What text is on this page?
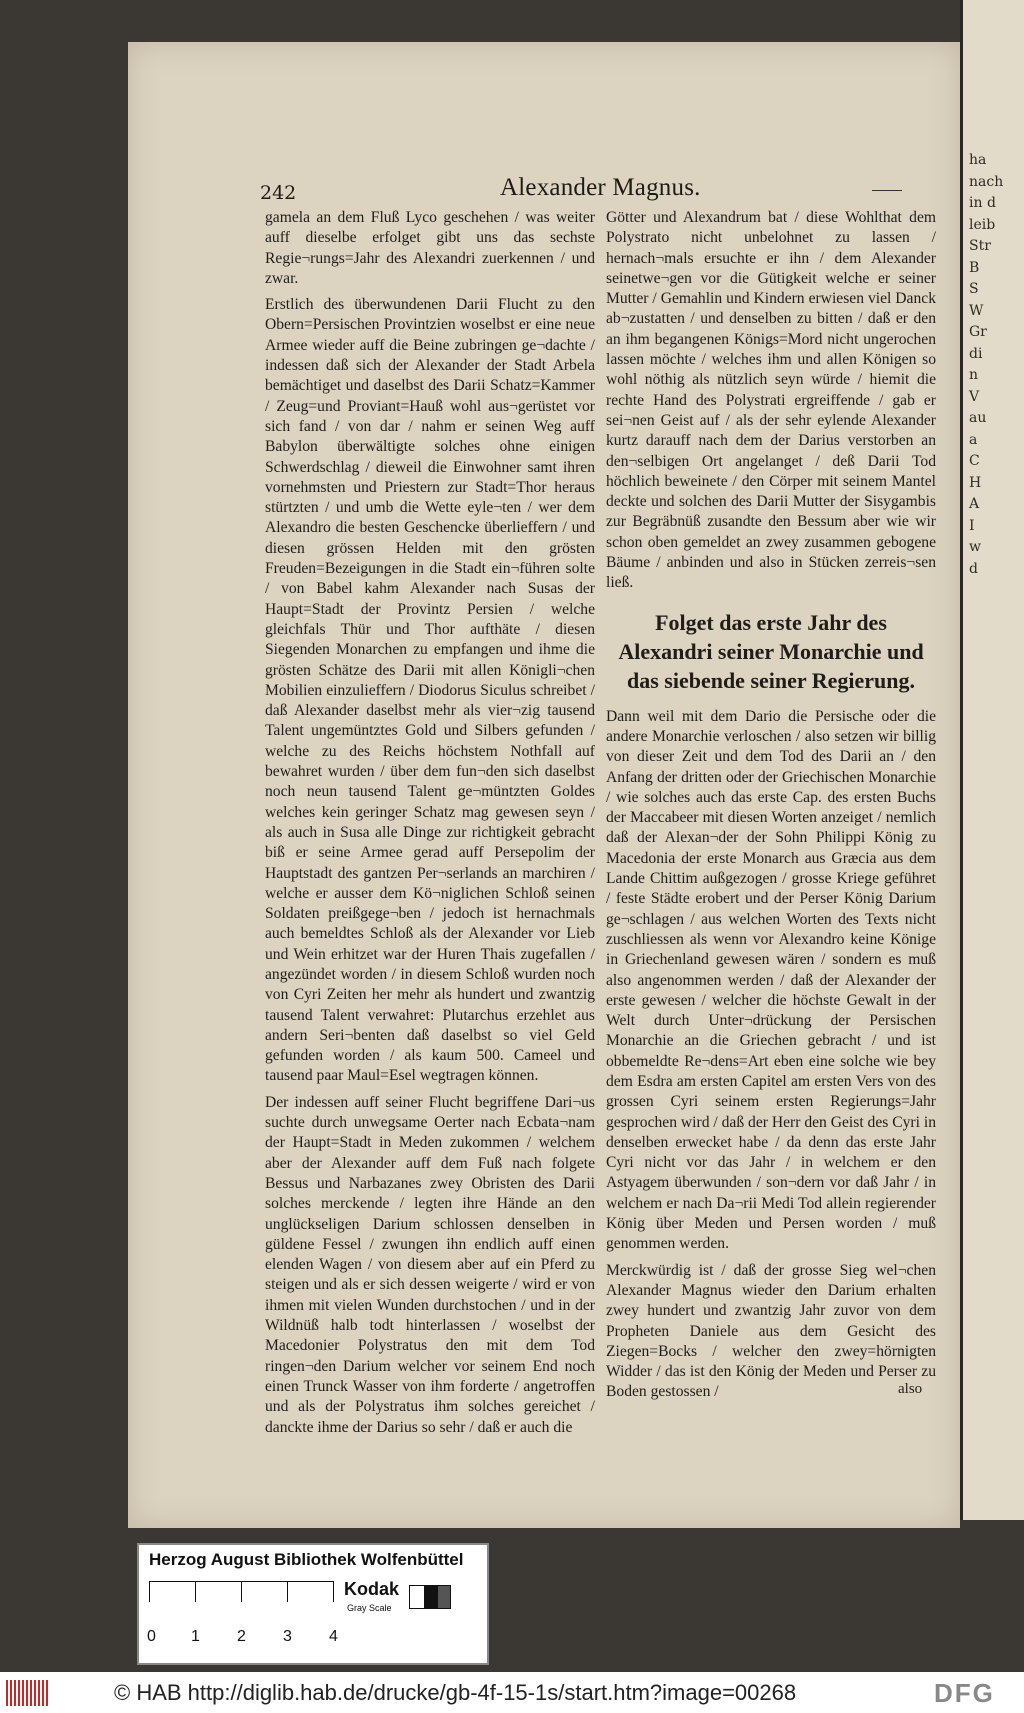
ha
nach
in d
leib
Str
B
S
W
Gr
di
n
V
au
a
C
H
A
I
w
d
242	Alexander Magnus.

gamela an dem Fluß Lyco geschehen / was weiter auff dieselbe erfolget gibt uns das sechste Regie¬rungs=Jahr des Alexandri zuerkennen / und zwar.

Erstlich des überwundenen Darii Flucht zu den Obern=Persischen Provintzien woselbst er eine neue Armee wieder auff die Beine zubringen ge¬dachte / indessen daß sich der Alexander der Stadt Arbela bemächtiget und daselbst des Darii Schatz=Kammer / Zeug=und Proviant=Hauß wohl aus¬gerüstet vor sich fand / von dar / nahm er seinen Weg auff Babylon überwältigte solches ohne einigen Schwerdschlag / dieweil die Einwohner samt ihren vornehmsten und Priestern zur Stadt=Thor heraus stürtzten / und umb die Wette eyle¬ten / wer dem Alexandro die besten Geschencke überlieffern / und diesen grössen Helden mit den grösten Freuden=Bezeigungen in die Stadt ein¬führen solte / von Babel kahm Alexander nach Susas der Haupt=Stadt der Provintz Persien / welche gleichfals Thür und Thor aufthäte / diesen Siegenden Monarchen zu empfangen und ihme die grösten Schätze des Darii mit allen Königli¬chen Mobilien einzulieffern / Diodorus Siculus schreibet / daß Alexander daselbst mehr als vier¬zig tausend Talent ungemüntztes Gold und Silbers gefunden / welche zu des Reichs höchstem Nothfall auf bewahret wurden / über dem fun¬den sich daselbst noch neun tausend Talent ge¬müntzten Goldes welches kein geringer Schatz mag gewesen seyn / als auch in Susa alle Dinge zur richtigkeit gebracht biß er seine Armee gerad auff Persepolim der Hauptstadt des gantzen Per¬serlands an marchiren / welche er ausser dem Kö¬niglichen Schloß seinen Soldaten preißgege¬ben / jedoch ist hernachmals auch bemeldtes Schloß als der Alexander vor Lieb und Wein erhitzet war der Huren Thais zugefallen / angezündet worden / in diesem Schloß wurden noch von Cyri Zeiten her mehr als hundert und zwantzig tausend Talent verwahret: Plutarchus erzehlet aus andern Seri¬benten daß daselbst so viel Geld gefunden worden / als kaum 500. Cameel und tausend paar Maul=Esel wegtragen können.

Der indessen auff seiner Flucht begriffene Dari¬us suchte durch unwegsame Oerter nach Ecbata¬nam der Haupt=Stadt in Meden zukommen / welchem aber der Alexander auff dem Fuß nach folgete Bessus und Narbazanes zwey Obristen des Darii solches merckende / legten ihre Hände an den unglückseligen Darium schlossen denselben in güldene Fessel / zwungen ihn endlich auff einen elenden Wagen / von diesem aber auf ein Pferd zu steigen und als er sich dessen weigerte / wird er von ihmen mit vielen Wunden durchstochen / und in der Wildnüß halb todt hinterlassen / woselbst der Macedonier Polystratus den mit dem Tod ringen¬den Darium welcher vor seinem End noch einen Trunck Wasser von ihm forderte / angetroffen und als der Polystratus ihm solches gereichet / danckte ihme der Darius so sehr / daß er auch die

Götter und Alexandrum bat / diese Wohlthat dem Polystrato nicht unbelohnet zu lassen / hernach¬mals ersuchte er ihn / dem Alexander seinetwe¬gen vor die Gütigkeit welche er seiner Mutter / Gemahlin und Kindern erwiesen viel Danck ab¬zustatten / und denselben zu bitten / daß er den an ihm begangenen Königs=Mord nicht ungerochen lassen möchte / welches ihm und allen Königen so wohl nöthig als nützlich seyn würde / hiemit die rechte Hand des Polystrati ergreiffende / gab er sei¬nen Geist auf / als der sehr eylende Alexander kurtz darauff nach dem der Darius verstorben an den¬selbigen Ort angelanget / deß Darii Tod höchlich beweinete / den Cörper mit seinem Mantel deckte und solchen des Darii Mutter der Sisygambis zur Begräbnüß zusandte den Bessum aber wie wir schon oben gemeldet an zwey zusammen gebogene Bäume / anbinden und also in Stücken zerreis¬sen ließ.

Folget das erste Jahr des Alexandri seiner Monarchie und das siebende seiner Regierung.

Dann weil mit dem Dario die Persische oder die andere Monarchie verloschen / also setzen wir billig von dieser Zeit und dem Tod des Darii an / den Anfang der dritten oder der Griechischen Monarchie / wie solches auch das erste Cap. des ersten Buchs der Maccabeer mit diesen Worten anzeiget / nemlich daß der Alexan¬der der Sohn Philippi König zu Macedonia der erste Monarch aus Græcia aus dem Lande Chittim außgezogen / grosse Kriege geführet / feste Städte erobert und der Perser König Darium ge¬schlagen / aus welchen Worten des Texts nicht zuschliessen als wenn vor Alexandro keine Könige in Griechenland gewesen wären / sondern es muß also angenommen werden / daß der Alexander der erste gewesen / welcher die höchste Gewalt in der Welt durch Unter¬drückung der Persischen Monarchie an die Griechen gebracht / und ist obbemeldte Re¬dens=Art eben eine solche wie bey dem Esdra am ersten Capitel am ersten Vers von des grossen Cyri seinem ersten Regierungs=Jahr gesprochen wird / daß der Herr den Geist des Cyri in denselben erwecket habe / da denn das erste Jahr Cyri nicht vor das Jahr / in welchem er den Astyagem überwunden / son¬dern vor daß Jahr / in welchem er nach Da¬rii Medi Tod allein regierender König über Meden und Persen worden / muß genommen werden.

Merckwürdig ist / daß der grosse Sieg wel¬chen Alexander Magnus wieder den Darium erhalten zwey hundert und zwantzig Jahr zuvor von dem Propheten Daniele aus dem Gesicht des Ziegen=Bocks / welcher den zwey=hörnigten Widder / das ist den König der Meden und Perser zu Boden gestossen /	also
Herzog August Bibliothek Wolfenbüttel
0 1 2 3 4
Kodak
Gray Scale
© HAB http://diglib.hab.de/drucke/gb-4f-15-1s/start.htm?image=00268	DFG
